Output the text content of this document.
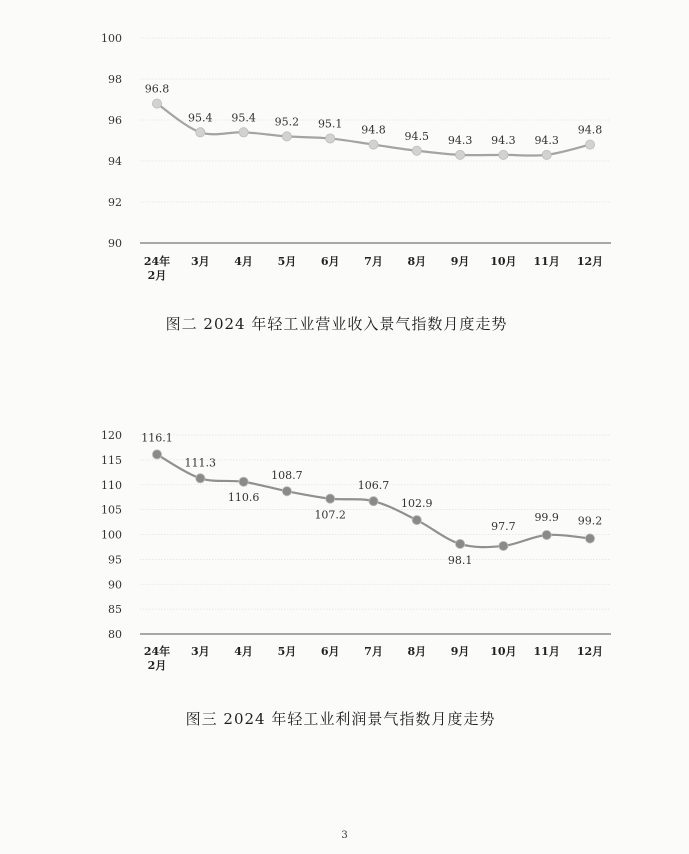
90
92
94
96
98
100
24年 2月
3月 4月 5月 6月 7月 8月 9月 10月 11月 12月
96.8
95.4 95.4 95.2 95.1 94.8 94.5 94.3 94.3 94.3
94.8
图二 2024 年轻工业营业收入景气指数月度走势
80
85
90
95
100
105
110
115
120
24年 2月
3月 4月 5月 6月 7月 8月 9月 10月 11月 12月
116.1
111.3
110.6
108.7
107.2
106.7
102.9
98.1
97.7
99.9 99.2
图三 2024 年轻工业利润景气指数月度走势
3
